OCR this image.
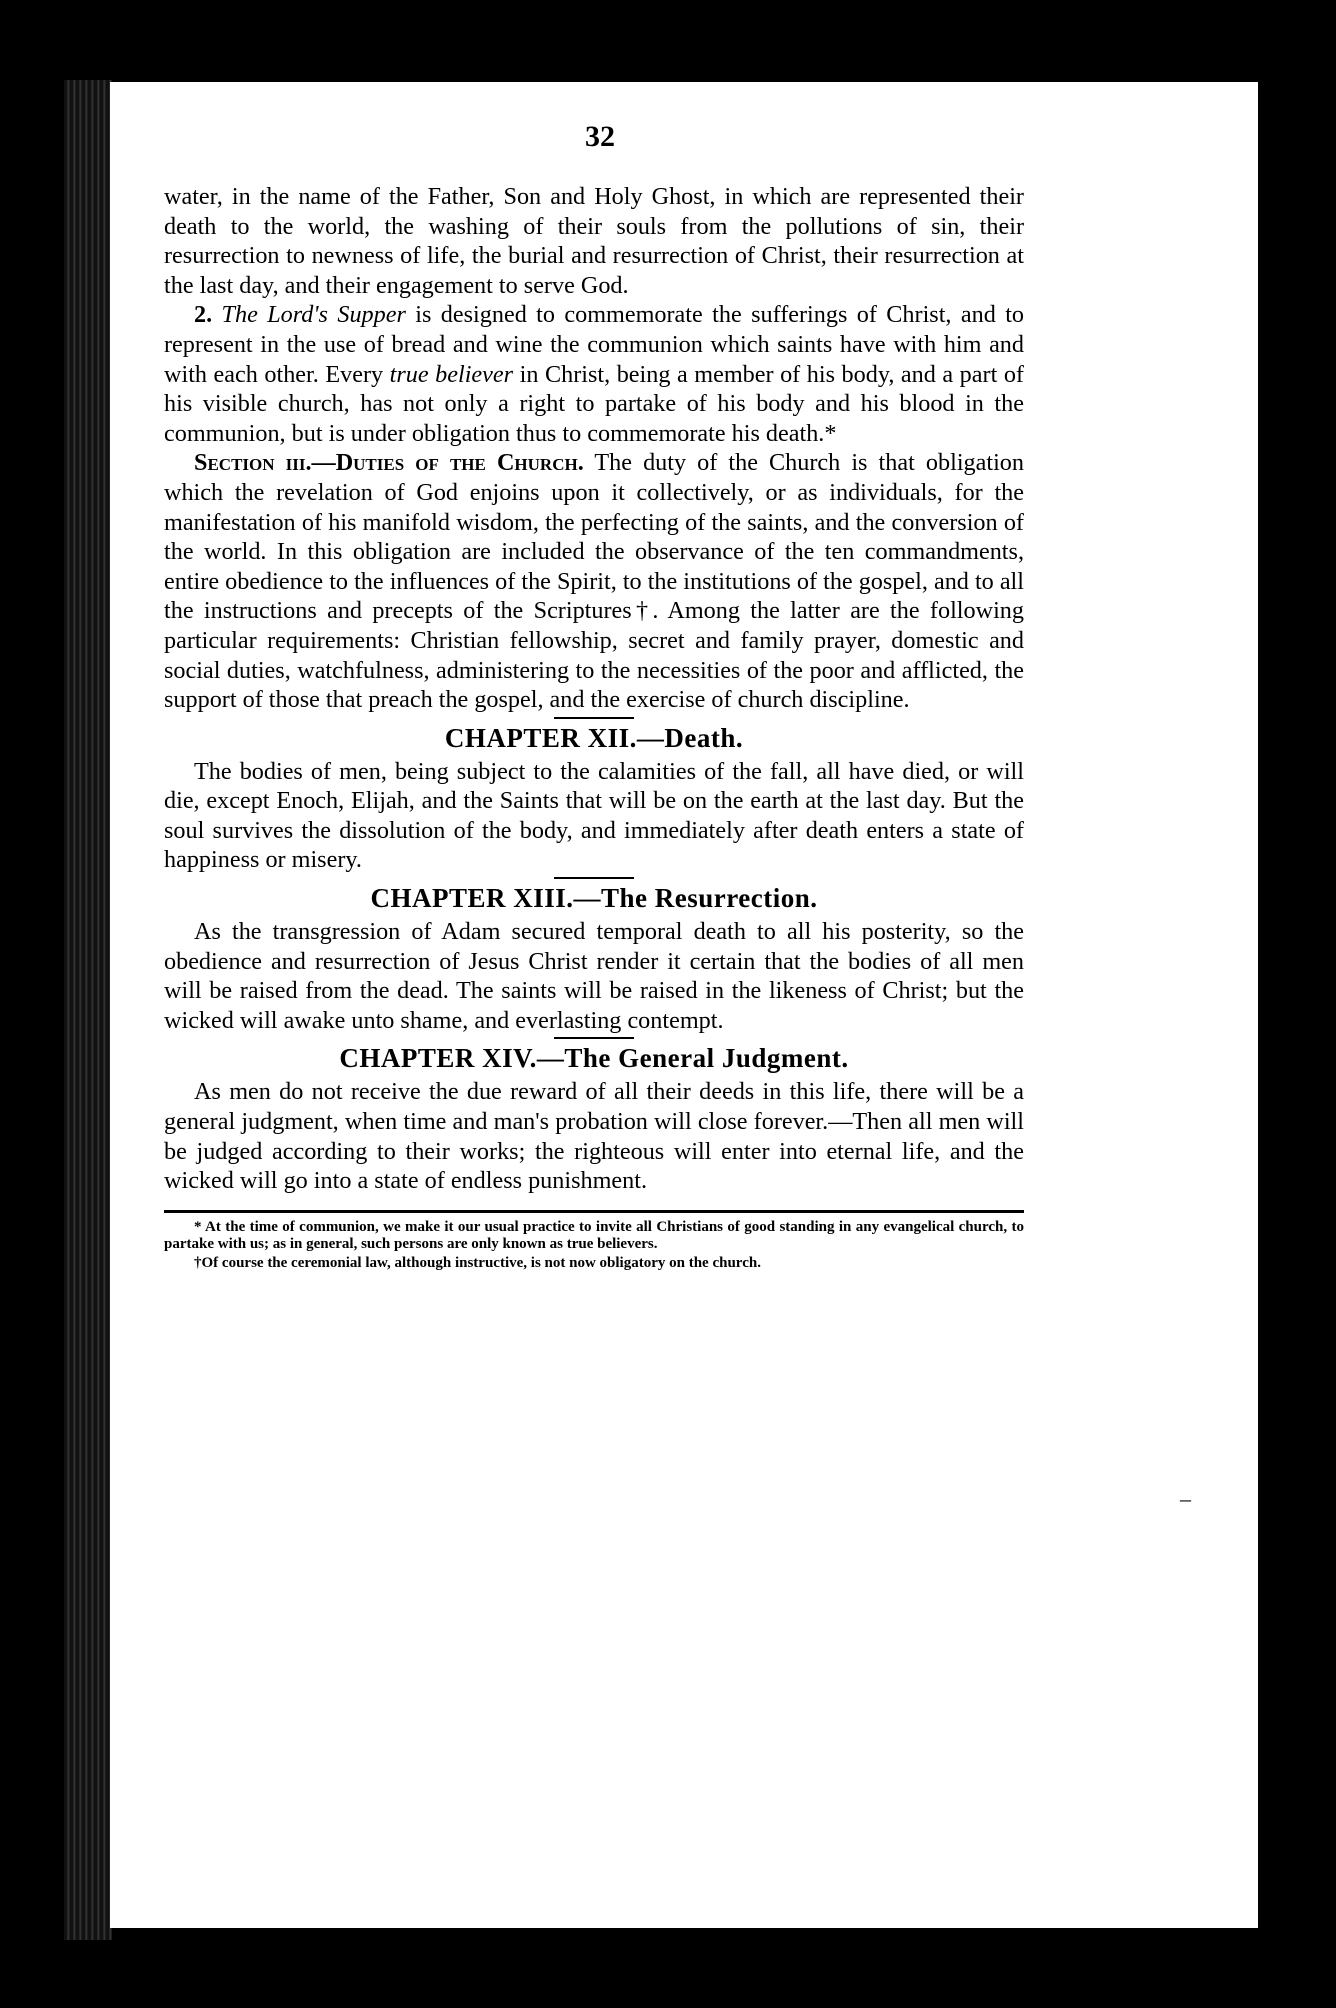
32

water, in the name of the Father, Son and Holy Ghost, in which are represented their death to the world, the washing of their souls from the pollutions of sin, their resurrection to newness of life, the burial and resurrection of Christ, their resurrection at the last day, and their engagement to serve God.

2. The Lord's Supper is designed to commemorate the sufferings of Christ, and to represent in the use of bread and wine the communion which saints have with him and with each other. Every true believer in Christ, being a member of his body, and a part of his visible church, has not only a right to partake of his body and his blood in the communion, but is under obligation thus to commemorate his death.*

Section iii.—Duties of the Church. The duty of the Church is that obligation which the revelation of God enjoins upon it collectively, or as individuals, for the manifestation of his manifold wisdom, the perfecting of the saints, and the conversion of the world. In this obligation are included the observance of the ten commandments, entire obedience to the influences of the Spirit, to the institutions of the gospel, and to all the instructions and precepts of the Scriptures†. Among the latter are the following particular requirements: Christian fellowship, secret and family prayer, domestic and social duties, watchfulness, administering to the necessities of the poor and afflicted, the support of those that preach the gospel, and the exercise of church discipline.

CHAPTER XII.—Death.

The bodies of men, being subject to the calamities of the fall, all have died, or will die, except Enoch, Elijah, and the Saints that will be on the earth at the last day. But the soul survives the dissolution of the body, and immediately after death enters a state of happiness or misery.

CHAPTER XIII.—The Resurrection.

As the transgression of Adam secured temporal death to all his posterity, so the obedience and resurrection of Jesus Christ render it certain that the bodies of all men will be raised from the dead. The saints will be raised in the likeness of Christ; but the wicked will awake unto shame, and everlasting contempt.

CHAPTER XIV.—The General Judgment.

As men do not receive the due reward of all their deeds in this life, there will be a general judgment, when time and man's probation will close forever.—Then all men will be judged according to their works; the righteous will enter into eternal life, and the wicked will go into a state of endless punishment.

* At the time of communion, we make it our usual practice to invite all Christians of good standing in any evangelical church, to partake with us; as in general, such persons are only known as true believers.

†Of course the ceremonial law, although instructive, is not now obligatory on the church.

–
